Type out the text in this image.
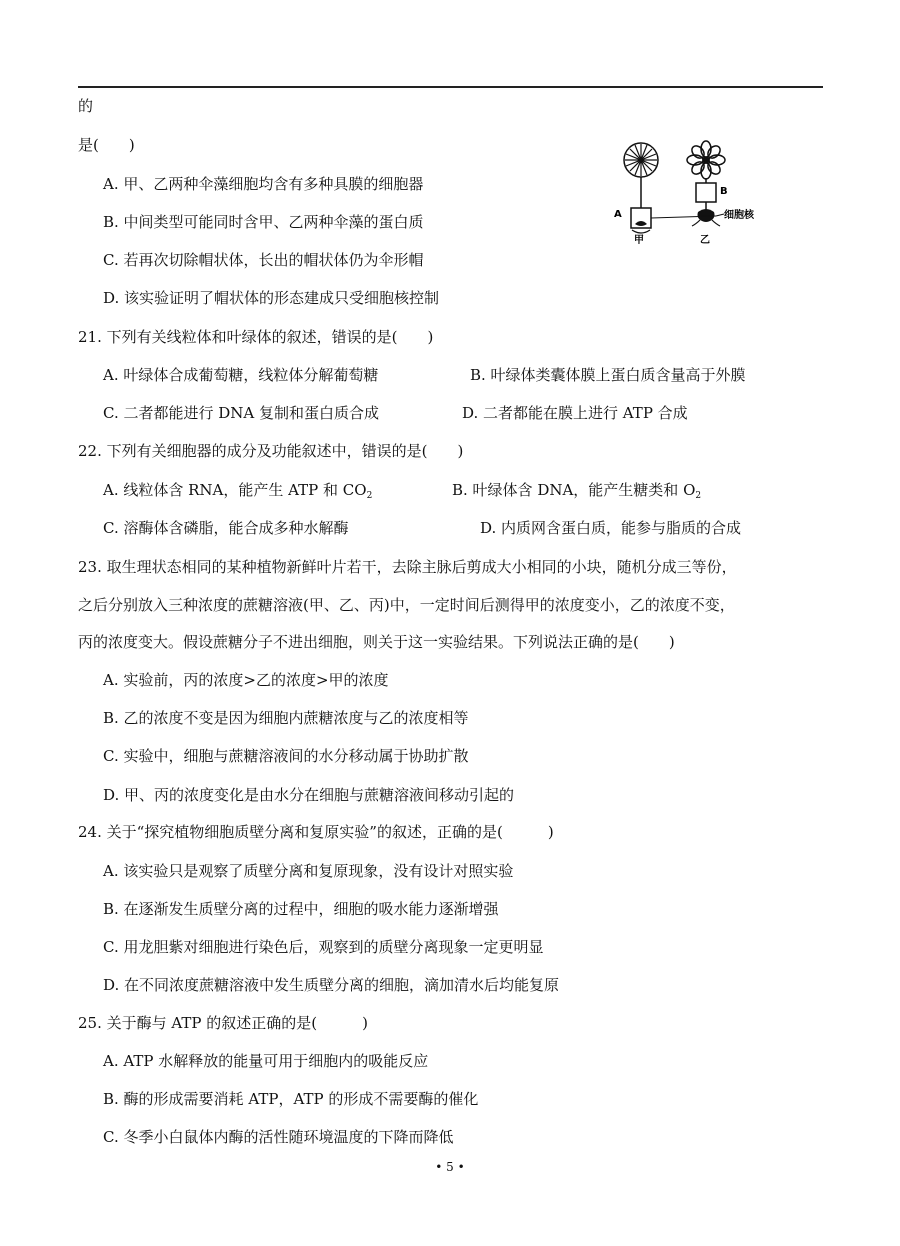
的
是(　　)
A. 甲、乙两种伞藻细胞均含有多种具膜的细胞器
B. 中间类型可能同时含甲、乙两种伞藻的蛋白质
C. 若再次切除帽状体，长出的帽状体仍为伞形帽
D. 该实验证明了帽状体的形态建成只受细胞核控制
A
甲
B
细胞核
乙
21. 下列有关线粒体和叶绿体的叙述，错误的是(　　)
A. 叶绿体合成葡萄糖，线粒体分解葡萄糖	B. 叶绿体类囊体膜上蛋白质含量高于外膜
C. 二者都能进行 DNA 复制和蛋白质合成	D. 二者都能在膜上进行 ATP 合成
22. 下列有关细胞器的成分及功能叙述中，错误的是(　　)
A. 线粒体含 RNA，能产生 ATP 和 $CO_2$	B. 叶绿体含 DNA，能产生糖类和 $O_2$
C. 溶酶体含磷脂，能合成多种水解酶	D. 内质网含蛋白质，能参与脂质的合成
23. 取生理状态相同的某种植物新鲜叶片若干，去除主脉后剪成大小相同的小块，随机分成三等份，
之后分别放入三种浓度的蔗糖溶液(甲、乙、丙)中，一定时间后测得甲的浓度变小，乙的浓度不变，
丙的浓度变大。假设蔗糖分子不进出细胞，则关于这一实验结果。下列说法正确的是(　　)
A. 实验前，丙的浓度>乙的浓度>甲的浓度
B. 乙的浓度不变是因为细胞内蔗糖浓度与乙的浓度相等
C. 实验中，细胞与蔗糖溶液间的水分移动属于协助扩散
D. 甲、丙的浓度变化是由水分在细胞与蔗糖溶液间移动引起的
24. 关于“探究植物细胞质壁分离和复原实验”的叙述，正确的是(　　　)
A. 该实验只是观察了质壁分离和复原现象，没有设计对照实验
B. 在逐渐发生质壁分离的过程中，细胞的吸水能力逐渐增强
C. 用龙胆紫对细胞进行染色后，观察到的质壁分离现象一定更明显
D. 在不同浓度蔗糖溶液中发生质壁分离的细胞，滴加清水后均能复原
25. 关于酶与 ATP 的叙述正确的是(　　　)
A. ATP 水解释放的能量可用于细胞内的吸能反应
B. 酶的形成需要消耗 ATP，ATP 的形成不需要酶的催化
C. 冬季小白鼠体内酶的活性随环境温度的下降而降低
• 5 •
